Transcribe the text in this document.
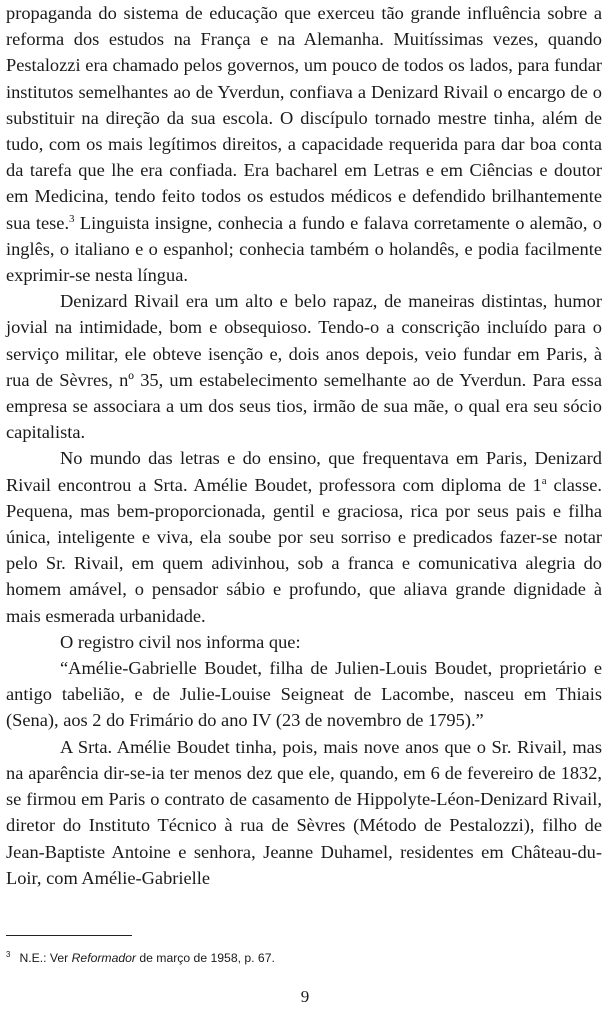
propaganda do sistema de educação que exerceu tão grande influência sobre a reforma dos estudos na França e na Alemanha. Muitíssimas vezes, quando Pestalozzi era chamado pelos governos, um pouco de todos os lados, para fundar institutos semelhantes ao de Yverdun, confiava a Denizard Rivail o encargo de o substituir na direção da sua escola. O discípulo tornado mestre tinha, além de tudo, com os mais legítimos direitos, a capacidade requerida para dar boa conta da tarefa que lhe era confiada. Era bacharel em Letras e em Ciências e doutor em Medicina, tendo feito todos os estudos médicos e defendido brilhantemente sua tese.$^3$ Linguista insigne, conhecia a fundo e falava corretamente o alemão, o inglês, o italiano e o espanhol; conhecia também o holandês, e podia facilmente exprimir-se nesta língua.

Denizard Rivail era um alto e belo rapaz, de maneiras distintas, humor jovial na intimidade, bom e obsequioso. Tendo-o a conscrição incluído para o serviço militar, ele obteve isenção e, dois anos depois, veio fundar em Paris, à rua de Sèvres, nº 35, um estabelecimento semelhante ao de Yverdun. Para essa empresa se associara a um dos seus tios, irmão de sua mãe, o qual era seu sócio capitalista.

No mundo das letras e do ensino, que frequentava em Paris, Denizard Rivail encontrou a Srta. Amélie Boudet, professora com diploma de 1$^a$ classe. Pequena, mas bem-proporcionada, gentil e graciosa, rica por seus pais e filha única, inteligente e viva, ela soube por seu sorriso e predicados fazer-se notar pelo Sr. Rivail, em quem adivinhou, sob a franca e comunicativa alegria do homem amável, o pensador sábio e profundo, que aliava grande dignidade à mais esmerada urbanidade.

O registro civil nos informa que:

“Amélie-Gabrielle Boudet, filha de Julien-Louis Boudet, proprietário e antigo tabelião, e de Julie-Louise Seigneat de Lacombe, nasceu em Thiais (Sena), aos 2 do Frimário do ano IV (23 de novembro de 1795).”

A Srta. Amélie Boudet tinha, pois, mais nove anos que o Sr. Rivail, mas na aparência dir-se-ia ter menos dez que ele, quando, em 6 de fevereiro de 1832, se firmou em Paris o contrato de casamento de Hippolyte-Léon-Denizard Rivail, diretor do Instituto Técnico à rua de Sèvres (Método de Pestalozzi), filho de Jean-Baptiste Antoine e senhora, Jeanne Duhamel, residentes em Château-du-Loir, com Amélie-Gabrielle

$^3$ N.E.: Ver Reformador de março de 1958, p. 67.
9
